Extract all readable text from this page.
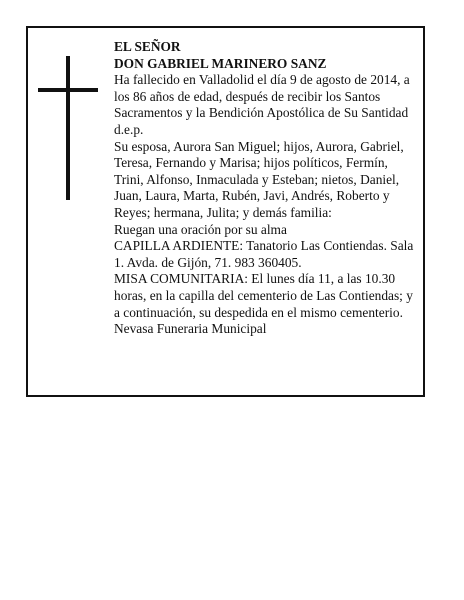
EL SEÑOR

DON GABRIEL MARINERO SANZ

Ha fallecido en Valladolid el día 9 de agosto de 2014, a los 86 años de edad, después de recibir los Santos Sacramentos y la Bendición Apostólica de Su Santidad d.e.p.

Su esposa, Aurora San Miguel; hijos, Aurora, Gabriel, Teresa, Fernando y Marisa; hijos políticos, Fermín, Trini, Alfonso, Inmaculada y Esteban; nietos, Daniel, Juan, Laura, Marta, Rubén, Javi, Andrés, Roberto y Reyes; hermana, Julita; y demás familia:

Ruegan una oración por su alma

CAPILLA ARDIENTE: Tanatorio Las Contiendas. Sala 1. Avda. de Gijón, 71. 983 360405.

MISA COMUNITARIA: El lunes día 11, a las 10.30 horas, en la capilla del cementerio de Las Contiendas; y a continuación, su despedida en el mismo cementerio.

Nevasa Funeraria Municipal
